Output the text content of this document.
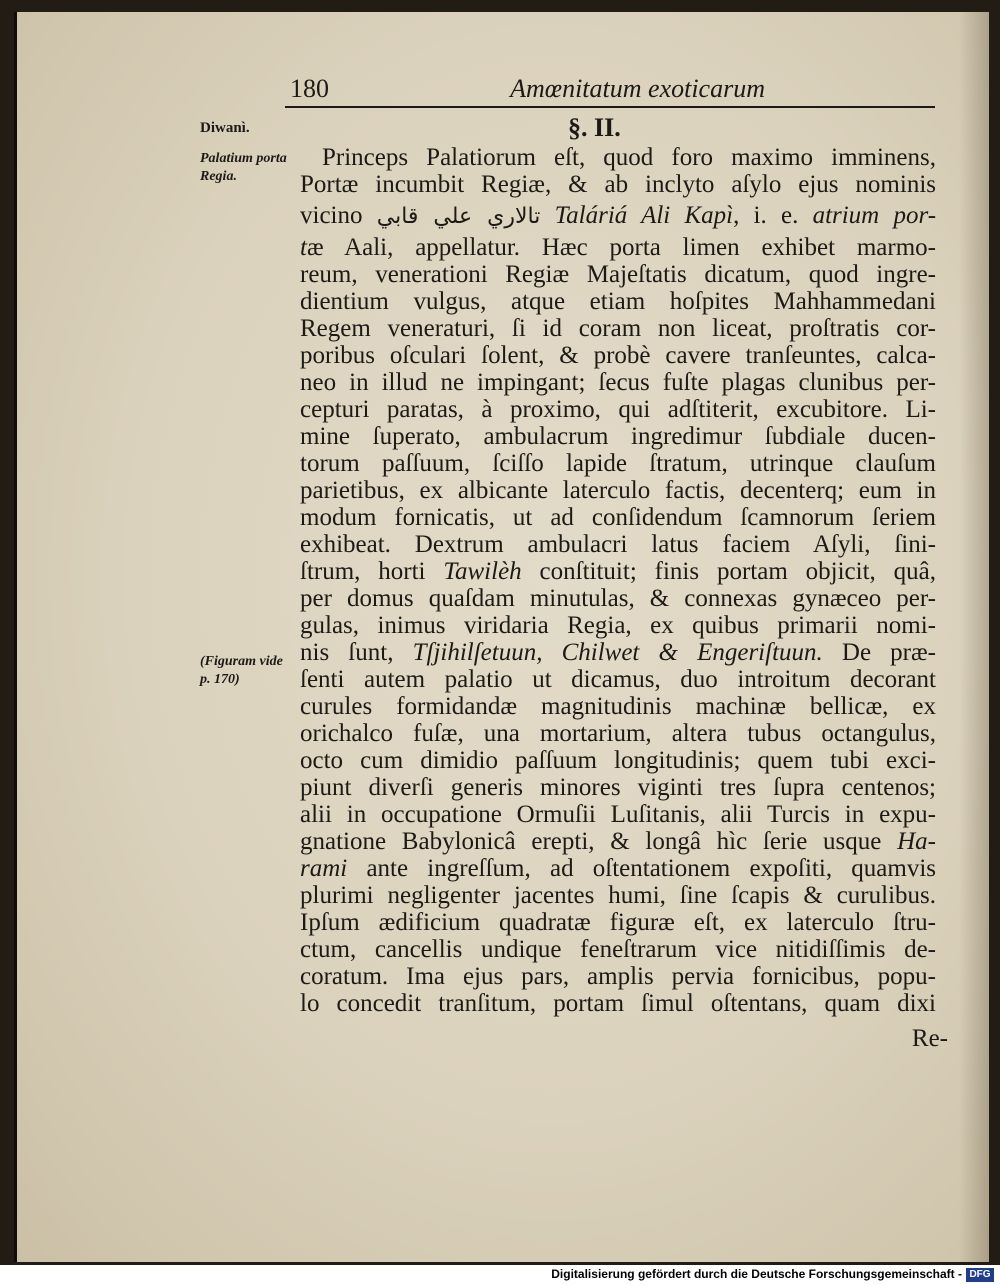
180	Amœnitatum exoticarum
Diwanì.
Palatium porta Regia.
(Figuram vide p. 170)
§. II.
Princeps Palatiorum eſt, quod foro maximo imminens,
Portæ incumbit Regiæ, & ab inclyto aſylo ejus nominis
vicino تالاري علي قابي Taláriá Ali Kapì, i. e. atrium por-
tæ Aali, appellatur. Hæc porta limen exhibet marmo-
reum, venerationi Regiæ Majeſtatis dicatum, quod ingre-
dientium vulgus, atque etiam hoſpites Mahhammedani
Regem veneraturi, ſi id coram non liceat, proſtratis cor-
poribus oſculari ſolent, & probè cavere tranſeuntes, calca-
neo in illud ne impingant; ſecus fuſte plagas clunibus per-
cepturi paratas, à proximo, qui adſtiterit, excubitore. Li-
mine ſuperato, ambulacrum ingredimur ſubdiale ducen-
torum paſſuum, ſciſſo lapide ſtratum, utrinque clauſum
parietibus, ex albicante laterculo factis, decenterq; eum in
modum fornicatis, ut ad conſidendum ſcamnorum ſeriem
exhibeat. Dextrum ambulacri latus faciem Aſyli, ſini-
ſtrum, horti Tawilèh conſtituit; finis portam objicit, quâ,
per domus quaſdam minutulas, & connexas gynæceo per-
gulas, inimus viridaria Regia, ex quibus primarii nomi-
nis ſunt, Tſjihilſetuun, Chilwet & Engeriſtuun. De præ-
ſenti autem palatio ut dicamus, duo introitum decorant
curules formidandæ magnitudinis machinæ bellicæ, ex
orichalco fuſæ, una mortarium, altera tubus octangulus,
octo cum dimidio paſſuum longitudinis; quem tubi exci-
piunt diverſi generis minores viginti tres ſupra centenos;
alii in occupatione Ormuſii Luſitanis, alii Turcis in expu-
gnatione Babylonicâ erepti, & longâ hìc ſerie usque Ha-
rami ante ingreſſum, ad oſtentationem expoſiti, quamvis
plurimi negligenter jacentes humi, ſine ſcapis & curulibus.
Ipſum ædificium quadratæ figuræ eſt, ex laterculo ſtru-
ctum, cancellis undique feneſtrarum vice nitidiſſimis de-
coratum. Ima ejus pars, amplis pervia fornicibus, popu-
lo concedit tranſitum, portam ſimul oſtentans, quam dixi
Re-
Digitalisierung gefördert durch die Deutsche Forschungsgemeinschaft - DFG
